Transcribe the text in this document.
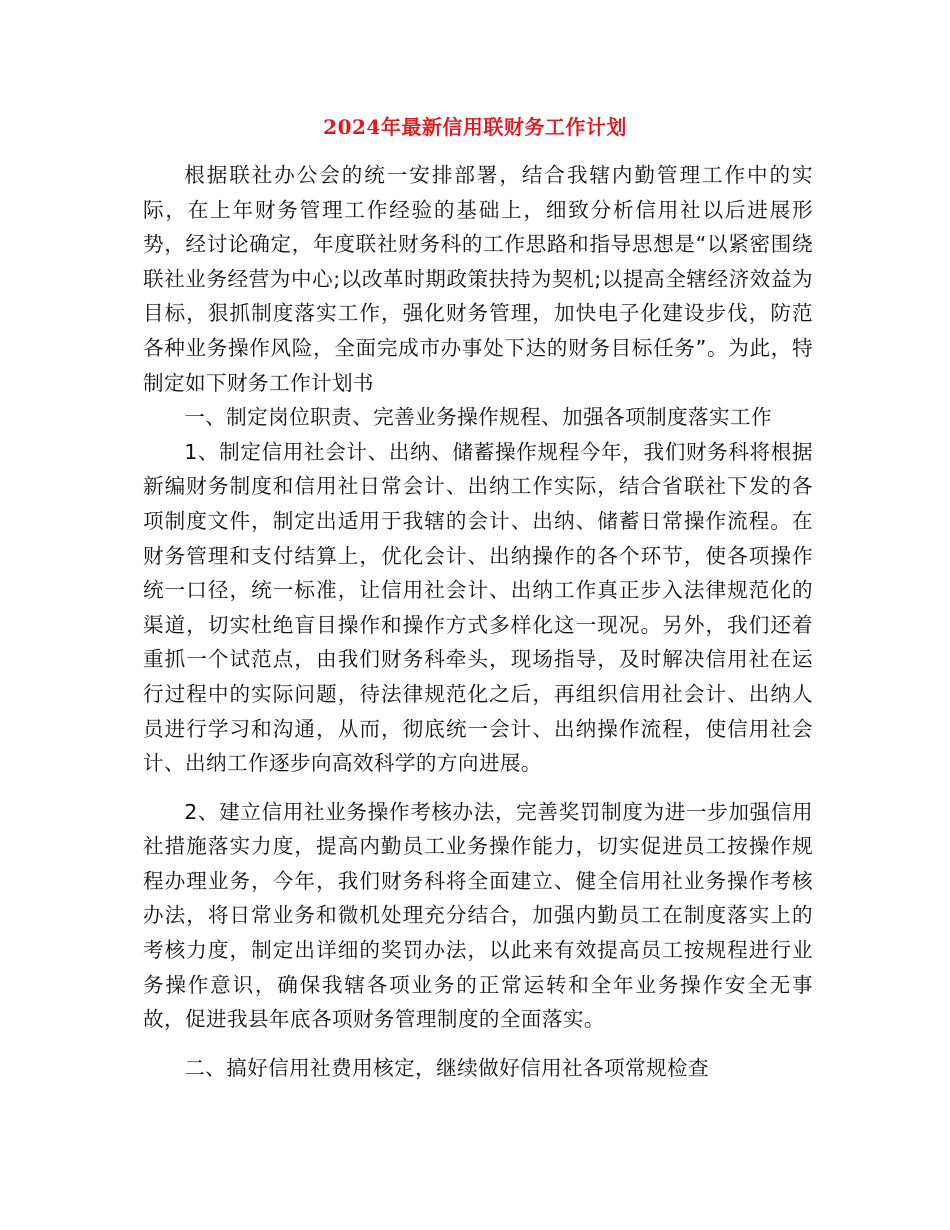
2024年最新信用联财务工作计划

根据联社办公会的统一安排部署，结合我辖内勤管理工作中的实际，在上年财务管理工作经验的基础上，细致分析信用社以后进展形势，经讨论确定，年度联社财务科的工作思路和指导思想是“以紧密围绕联社业务经营为中心;以改革时期政策扶持为契机;以提高全辖经济效益为目标，狠抓制度落实工作，强化财务管理，加快电子化建设步伐，防范各种业务操作风险，全面完成市办事处下达的财务目标任务”。为此，特制定如下财务工作计划书

一、制定岗位职责、完善业务操作规程、加强各项制度落实工作

1、制定信用社会计、出纳、储蓄操作规程今年，我们财务科将根据新编财务制度和信用社日常会计、出纳工作实际，结合省联社下发的各项制度文件，制定出适用于我辖的会计、出纳、储蓄日常操作流程。在财务管理和支付结算上，优化会计、出纳操作的各个环节，使各项操作统一口径，统一标准，让信用社会计、出纳工作真正步入法律规范化的渠道，切实杜绝盲目操作和操作方式多样化这一现况。另外，我们还着重抓一个试范点，由我们财务科牵头，现场指导，及时解决信用社在运行过程中的实际问题，待法律规范化之后，再组织信用社会计、出纳人员进行学习和沟通，从而，彻底统一会计、出纳操作流程，使信用社会计、出纳工作逐步向高效科学的方向进展。

2、建立信用社业务操作考核办法，完善奖罚制度为进一步加强信用社措施落实力度，提高内勤员工业务操作能力，切实促进员工按操作规程办理业务，今年，我们财务科将全面建立、健全信用社业务操作考核办法，将日常业务和微机处理充分结合，加强内勤员工在制度落实上的考核力度，制定出详细的奖罚办法，以此来有效提高员工按规程进行业务操作意识，确保我辖各项业务的正常运转和全年业务操作安全无事故，促进我县年底各项财务管理制度的全面落实。

二、搞好信用社费用核定，继续做好信用社各项常规检查
